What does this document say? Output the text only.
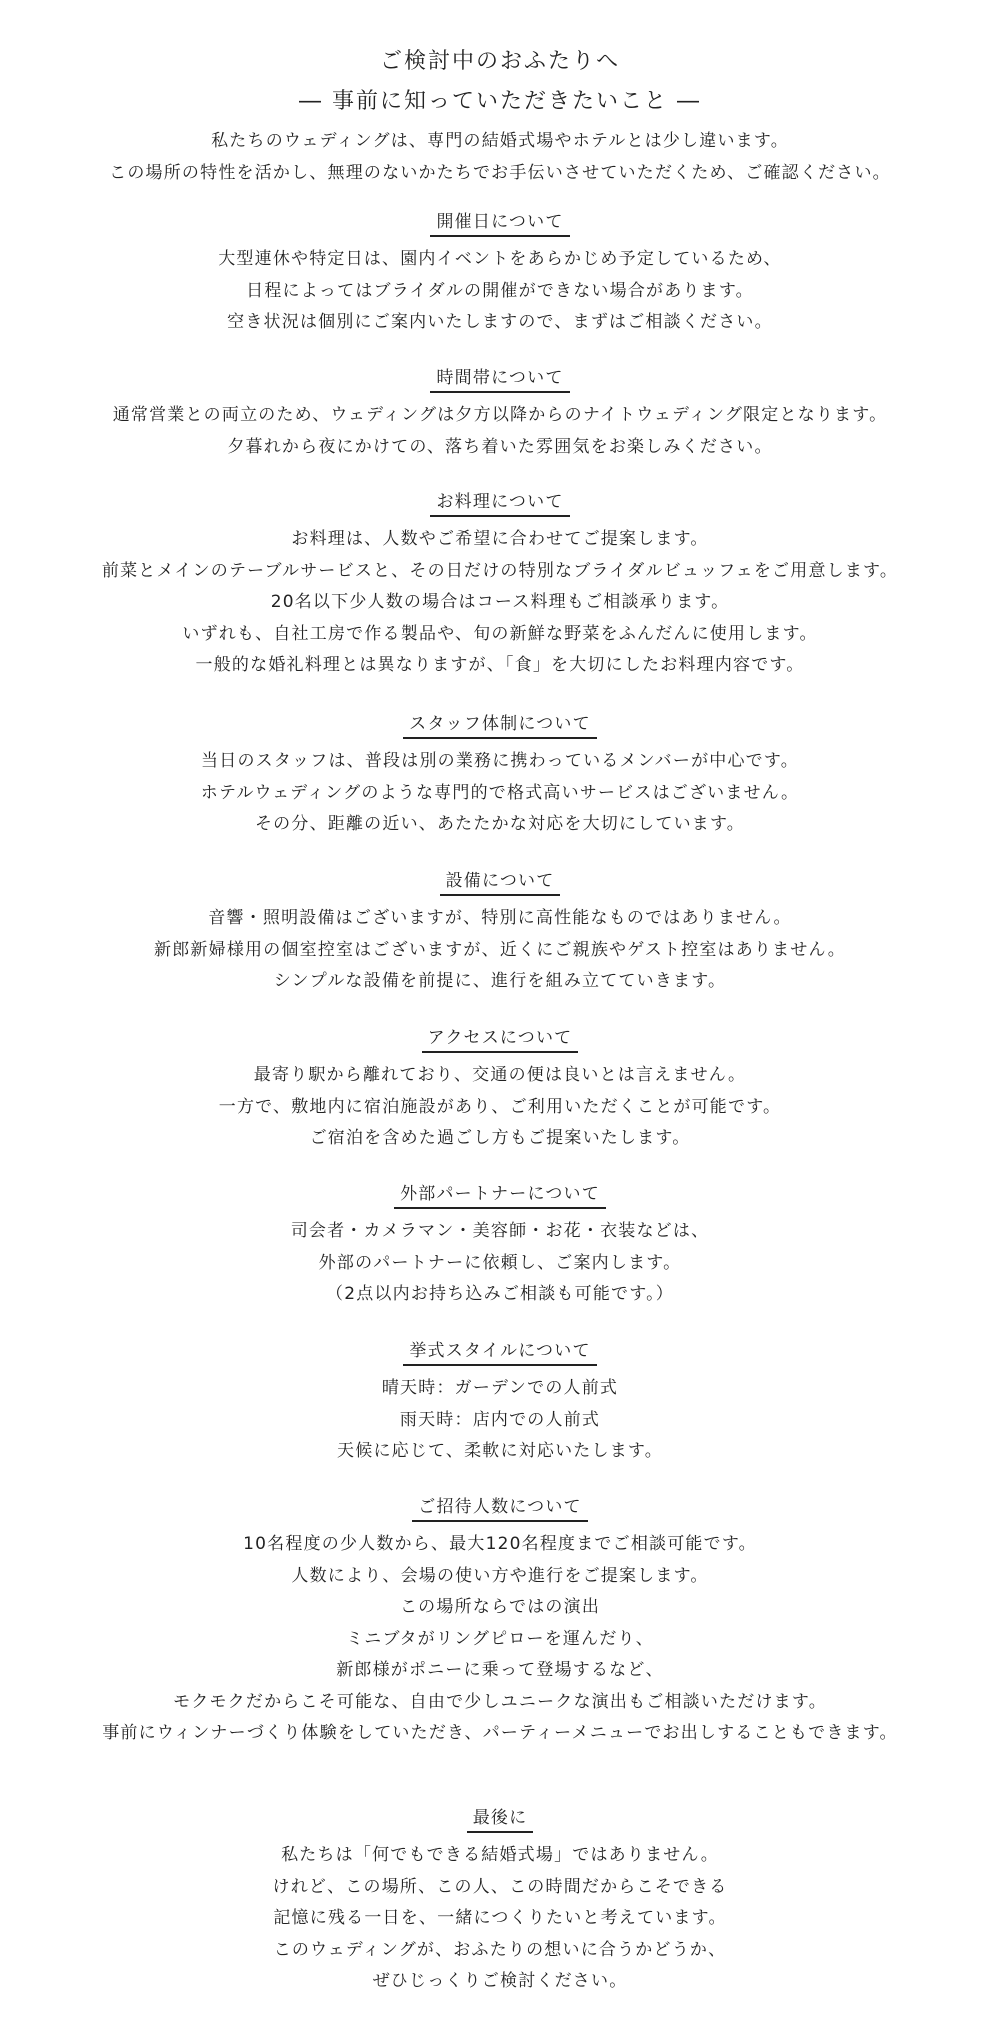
ご検討中のおふたりへ
― 事前に知っていただきたいこと ―

私たちのウェディングは、専門の結婚式場やホテルとは少し違います。

この場所の特性を活かし、無理のないかたちでお手伝いさせていただくため、ご確認ください。

開催日について

大型連休や特定日は、園内イベントをあらかじめ予定しているため、

日程によってはブライダルの開催ができない場合があります。

空き状況は個別にご案内いたしますので、まずはご相談ください。

時間帯について

通常営業との両立のため、ウェディングは夕方以降からのナイトウェディング限定となります。

夕暮れから夜にかけての、落ち着いた雰囲気をお楽しみください。

お料理について

お料理は、人数やご希望に合わせてご提案します。

前菜とメインのテーブルサービスと、その日だけの特別なブライダルビュッフェをご用意します。

20名以下少人数の場合はコース料理もご相談承ります。

いずれも、自社工房で作る製品や、旬の新鮮な野菜をふんだんに使用します。

一般的な婚礼料理とは異なりますが、「食」を大切にしたお料理内容です。

スタッフ体制について

当日のスタッフは、普段は別の業務に携わっているメンバーが中心です。

ホテルウェディングのような専門的で格式高いサービスはございません。

その分、距離の近い、あたたかな対応を大切にしています。

設備について

音響・照明設備はございますが、特別に高性能なものではありません。

新郎新婦様用の個室控室はございますが、近くにご親族やゲスト控室はありません。

シンプルな設備を前提に、進行を組み立てていきます。

アクセスについて

最寄り駅から離れており、交通の便は良いとは言えません。

一方で、敷地内に宿泊施設があり、ご利用いただくことが可能です。

ご宿泊を含めた過ごし方もご提案いたします。

外部パートナーについて

司会者・カメラマン・美容師・お花・衣装などは、

外部のパートナーに依頼し、ご案内します。

（2点以内お持ち込みご相談も可能です。）

挙式スタイルについて

晴天時：ガーデンでの人前式

雨天時：店内での人前式

天候に応じて、柔軟に対応いたします。

ご招待人数について

10名程度の少人数から、最大120名程度までご相談可能です。

人数により、会場の使い方や進行をご提案します。

この場所ならではの演出

ミニブタがリングピローを運んだり、

新郎様がポニーに乗って登場するなど、

モクモクだからこそ可能な、自由で少しユニークな演出もご相談いただけます。

事前にウィンナーづくり体験をしていただき、パーティーメニューでお出しすることもできます。

最後に

私たちは「何でもできる結婚式場」ではありません。

けれど、この場所、この人、この時間だからこそできる

記憶に残る一日を、一緒につくりたいと考えています。

このウェディングが、おふたりの想いに合うかどうか、

ぜひじっくりご検討ください。
